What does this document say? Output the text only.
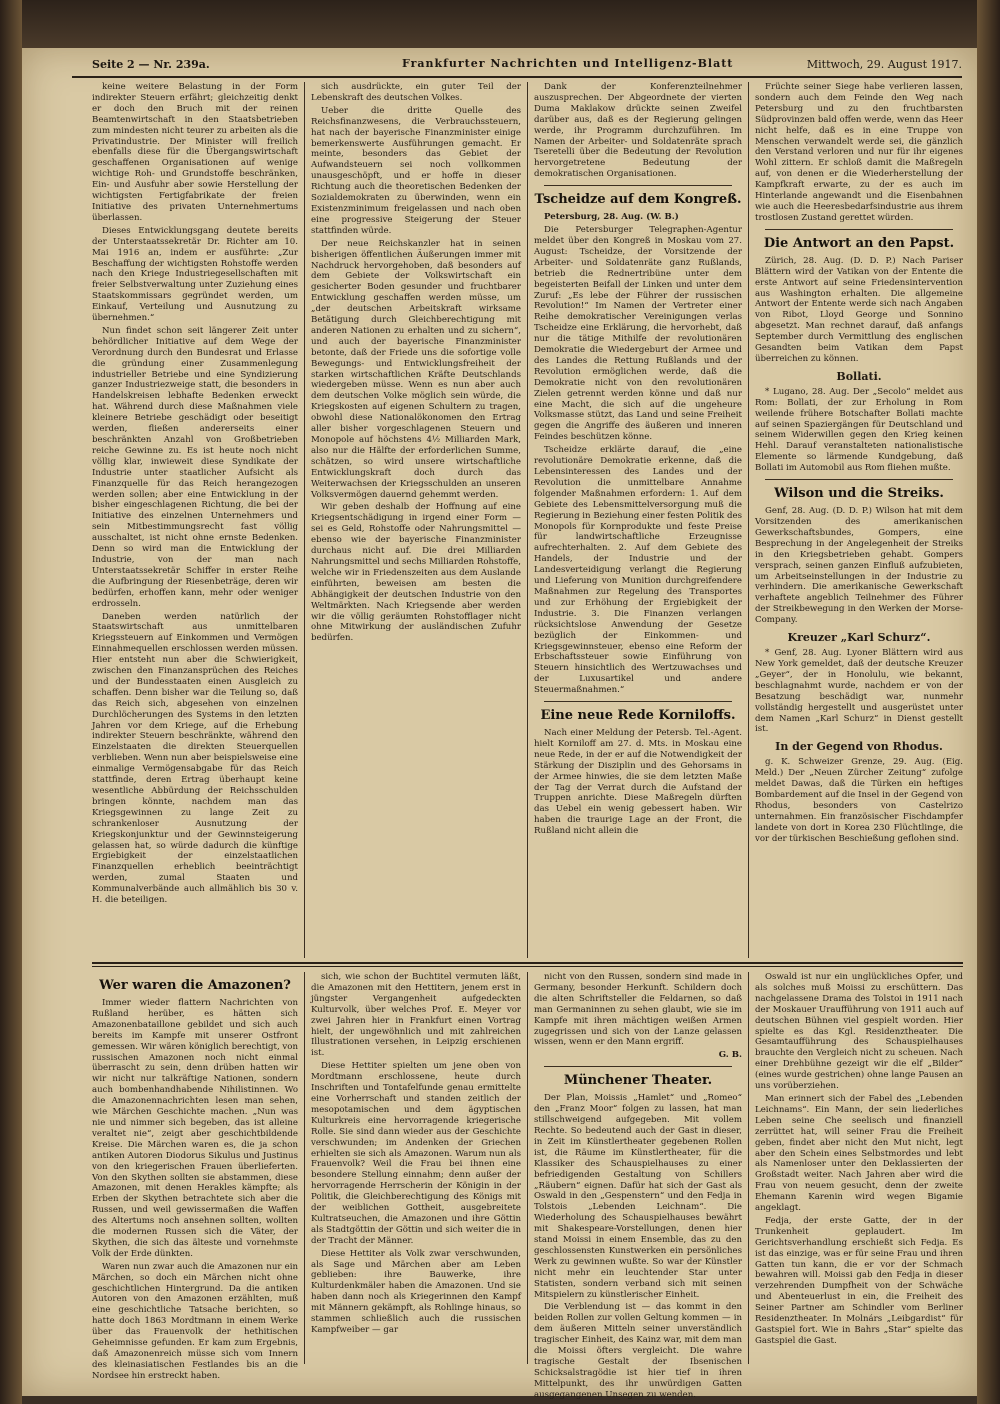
Seite 2 — Nr. 239a.	Frankfurter Nachrichten und Intelligenz-Blatt	Mittwoch, 29. August 1917.

keine weitere Belastung in der Form indirekter Steuern erfährt; gleichzeitig denkt er doch den Bruch mit der reinen Beamtenwirtschaft in den Staatsbetrieben zum mindesten nicht teurer zu arbeiten als die Privatindustrie. Der Minister will freilich ebenfalls diese für die Übergangswirtschaft geschaffenen Organisationen auf wenige wichtige Roh- und Grundstoffe beschränken, Ein- und Ausfuhr aber sowie Herstellung der wichtigsten Fertigfabrikate der freien Initiative des privaten Unternehmertums überlassen.

Dieses Entwicklungsgang deutete bereits der Unterstaatssekretär Dr. Richter am 10. Mai 1916 an, indem er ausführte: „Zur Beschaffung der wichtigsten Rohstoffe werden nach den Kriege Industriegesellschaften mit freier Selbstverwaltung unter Zuziehung eines Staatskommissars gegründet werden, um Einkauf, Verteilung und Ausnutzung zu übernehmen.“

Nun findet schon seit längerer Zeit unter behördlicher Initiative auf dem Wege der Verordnung durch den Bundesrat und Erlasse die gründung einer Zusammenlegung industrieller Betriebe und eine Syndizierung ganzer Industriezweige statt, die besonders in Handelskreisen lebhafte Bedenken erweckt hat. Während durch diese Maßnahmen viele kleinere Betriebe geschädigt oder beseitigt werden, fließen andererseits einer beschränkten Anzahl von Großbetrieben reiche Gewinne zu. Es ist heute noch nicht völlig klar, inwieweit diese Syndikate der Industrie unter staatlicher Aufsicht als Finanzquelle für das Reich herangezogen werden sollen; aber eine Entwicklung in der bisher eingeschlagenen Richtung, die bei der Initiative des einzelnen Unternehmers und sein Mitbestimmungsrecht fast völlig ausschaltet, ist nicht ohne ernste Bedenken. Denn so wird man die Entwicklung der Industrie, von der man nach Unterstaatssekretär Schiffer in erster Reihe die Aufbringung der Riesenbeträge, deren wir bedürfen, erhoffen kann, mehr oder weniger erdrosseln.

Daneben werden natürlich der Staatswirtschaft aus unmittelbaren Kriegssteuern auf Einkommen und Vermögen Einnahmequellen erschlossen werden müssen. Hier entsteht nun aber die Schwierigkeit, zwischen den Finanzansprüchen des Reiches und der Bundesstaaten einen Ausgleich zu schaffen. Denn bisher war die Teilung so, daß das Reich sich, abgesehen von einzelnen Durchlöcherungen des Systems in den letzten Jahren vor dem Kriege, auf die Erhebung indirekter Steuern beschränkte, während den Einzelstaaten die direkten Steuerquellen verblieben. Wenn nun aber beispielsweise eine einmalige Vermögensabgabe für das Reich stattfinde, deren Ertrag überhaupt keine wesentliche Abbürdung der Reichsschulden bringen könnte, nachdem man das Kriegsgewinnen zu lange Zeit zu schrankenloser Ausnutzung der Kriegskonjunktur und der Gewinnsteigerung gelassen hat, so würde dadurch die künftige Ergiebigkeit der einzelstaatlichen Finanzquellen erheblich beeinträchtigt werden, zumal Staaten und Kommunalverbände auch allmählich bis 30 v. H. die beteiligen.

sich ausdrückte, ein guter Teil der Lebenskraft des deutschen Volkes.

Ueber die dritte Quelle des Reichsfinanzwesens, die Verbrauchssteuern, hat nach der bayerische Finanzminister einige bemerkenswerte Ausführungen gemacht. Er meinte, besonders das Gebiet der Aufwandsteuern sei noch vollkommen unausgeschöpft, und er hoffe in dieser Richtung auch die theoretischen Bedenken der Sozialdemokraten zu überwinden, wenn ein Existenzminimum freigelassen und nach oben eine progressive Steigerung der Steuer stattfinden würde.

Der neue Reichskanzler hat in seinen bisherigen öffentlichen Äußerungen immer mit Nachdruck hervorgehoben, daß besonders auf dem Gebiete der Volkswirtschaft ein gesicherter Boden gesunder und fruchtbarer Entwicklung geschaffen werden müsse, um „der deutschen Arbeitskraft wirksame Betätigung durch Gleichberechtigung mit anderen Nationen zu erhalten und zu sichern“, und auch der bayerische Finanzminister betonte, daß der Friede uns die sofortige volle Bewegungs- und Entwicklungsfreiheit der starken wirtschaftlichen Kräfte Deutschlands wiedergeben müsse. Wenn es nun aber auch dem deutschen Volke möglich sein würde, die Kriegskosten auf eigenen Schultern zu tragen, obwohl diese Nationalökonomen den Ertrag aller bisher vorgeschlagenen Steuern und Monopole auf höchstens 4½ Milliarden Mark, also nur die Hälfte der erforderlichen Summe, schätzen, so wird unsere wirtschaftliche Entwicklungskraft doch durch das Weiterwachsen der Kriegsschulden an unseren Volksvermögen dauernd gehemmt werden.

Wir geben deshalb der Hoffnung auf eine Kriegsentschädigung in irgend einer Form — sei es Geld, Rohstoffe oder Nahrungsmittel — ebenso wie der bayerische Finanzminister durchaus nicht auf. Die drei Milliarden Nahrungsmittel und sechs Milliarden Rohstoffe, welche wir in Friedenszeiten aus dem Auslande einführten, beweisen am besten die Abhängigkeit der deutschen Industrie von den Weltmärkten. Nach Kriegsende aber werden wir die völlig geräumten Rohstofflager nicht ohne Mitwirkung der ausländischen Zufuhr bedürfen.

Dank der Konferenzteilnehmer auszusprechen. Der Abgeordnete der vierten Duma Maklakow drückte seinen Zweifel darüber aus, daß es der Regierung gelingen werde, ihr Programm durchzuführen. Im Namen der Arbeiter- und Soldatenräte sprach Tseretelli über die Bedeutung der Revolution hervorgetretene Bedeutung der demokratischen Organisationen.

Tscheidze auf dem Kongreß.

Petersburg, 28. Aug. (W. B.)

Die Petersburger Telegraphen-Agentur meldet über den Kongreß in Moskau vom 27. August: Tscheidze, der Vorsitzende der Arbeiter- und Soldatenräte ganz Rußlands, betrieb die Rednertribüne unter dem begeisterten Beifall der Linken und unter dem Zuruf: „Es lebe der Führer der russischen Revolution!“ Im Namen der Vertreter einer Reihe demokratischer Vereinigungen verlas Tscheidze eine Erklärung, die hervorhebt, daß nur die tätige Mithilfe der revolutionären Demokratie die Wiedergeburt der Armee und des Landes die Rettung Rußlands und der Revolution ermöglichen werde, daß die Demokratie nicht von den revolutionären Zielen getrennt werden könne und daß nur eine Macht, die sich auf die ungeheure Volksmasse stützt, das Land und seine Freiheit gegen die Angriffe des äußeren und inneren Feindes beschützen könne.

Tscheidze erklärte darauf, die „eine revolutionäre Demokratie erkenne, daß die Lebensinteressen des Landes und der Revolution die unmittelbare Annahme folgender Maßnahmen erfordern: 1. Auf dem Gebiete des Lebensmittelversorgung muß die Regierung in Beziehung einer festen Politik des Monopols für Kornprodukte und feste Preise für landwirtschaftliche Erzeugnisse aufrechterhalten. 2. Auf dem Gebiete des Handels, der Industrie und der Landesverteidigung verlangt die Regierung und Lieferung von Munition durchgreifendere Maßnahmen zur Regelung des Transportes und zur Erhöhung der Ergiebigkeit der Industrie. 3. Die Finanzen verlangen rücksichtslose Anwendung der Gesetze bezüglich der Einkommen- und Kriegsgewinnsteuer, ebenso eine Reform der Erbschaftssteuer sowie Einführung von Steuern hinsichtlich des Wertzuwachses und der Luxusartikel und andere Steuermaßnahmen.“

Eine neue Rede Korniloffs.

Nach einer Meldung der Petersb. Tel.-Agent. hielt Korniloff am 27. d. Mts. in Moskau eine neue Rede, in der er auf die Notwendigkeit der Stärkung der Disziplin und des Gehorsams in der Armee hinwies, die sie dem letzten Maße der Tag der Verrat durch die Aufstand der Truppen anrichte. Diese Maßregeln dürften das Uebel ein wenig gebessert haben. Wir haben die traurige Lage an der Front, die Rußland nicht allein die

Früchte seiner Siege habe verlieren lassen, sondern auch dem Feinde den Weg nach Petersburg und zu den fruchtbarsten Südprovinzen bald offen werde, wenn das Heer nicht helfe, daß es in eine Truppe von Menschen verwandelt werde sei, die gänzlich den Verstand verloren und nur für ihr eigenes Wohl zittern. Er schloß damit die Maßregeln auf, von denen er die Wiederherstellung der Kampfkraft erwarte, zu der es auch im Hinterlande angewandt und die Eisenbahnen wie auch die Heeresbedarfsindustrie aus ihrem trostlosen Zustand gerettet würden.

Die Antwort an den Papst.

Zürich, 28. Aug. (D. D. P.) Nach Pariser Blättern wird der Vatikan von der Entente die erste Antwort auf seine Friedensintervention aus Washington erhalten. Die allgemeine Antwort der Entente werde sich nach Angaben von Ribot, Lloyd George und Sonnino abgesetzt. Man rechnet darauf, daß anfangs September durch Vermittlung des englischen Gesandten beim Vatikan dem Papst überreichen zu können.

Bollati.

* Lugano, 28. Aug. Der „Secolo“ meldet aus Rom: Bollati, der zur Erholung in Rom weilende frühere Botschafter Bollati machte auf seinen Spaziergängen für Deutschland und seinem Widerwillen gegen den Krieg keinen Hehl. Darauf veranstalteten nationalistische Elemente so lärmende Kundgebung, daß Bollati im Automobil aus Rom fliehen mußte.

Wilson und die Streiks.

Genf, 28. Aug. (D. D. P.) Wilson hat mit dem Vorsitzenden des amerikanischen Gewerkschaftsbundes, Gompers, eine Besprechung in der Angelegenheit der Streiks in den Kriegsbetrieben gehabt. Gompers versprach, seinen ganzen Einfluß aufzubieten, um Arbeitseinstellungen in der Industrie zu verhindern. Die amerikanische Gewerkschaft verhaftete angeblich Teilnehmer des Führer der Streikbewegung in den Werken der Morse-Company.

Kreuzer „Karl Schurz“.

* Genf, 28. Aug. Lyoner Blättern wird aus New York gemeldet, daß der deutsche Kreuzer „Geyer“, der in Honolulu, wie bekannt, beschlagnahmt wurde, nachdem er von der Besatzung beschädigt war, nunmehr vollständig hergestellt und ausgerüstet unter dem Namen „Karl Schurz“ in Dienst gestellt ist.

In der Gegend von Rhodus.

g. K. Schweizer Grenze, 29. Aug. (Eig. Meld.) Der „Neuen Zürcher Zeitung“ zufolge meldet Dawas, daß die Türken ein heftiges Bombardement auf die Insel in der Gegend von Rhodus, besonders von Castelrizo unternahmen. Ein französischer Fischdampfer landete von dort in Korea 230 Flüchtlinge, die vor der türkischen Beschießung geflohen sind.

Wer waren die Amazonen?

Immer wieder flattern Nachrichten von Rußland herüber, es hätten sich Amazonenbataillone gebildet und sich auch bereits im Kampfe mit unserer Ostfront gemessen. Wir wären königlich berechtigt, von russischen Amazonen noch nicht einmal überrascht zu sein, denn drüben hatten wir wir nicht nur talkräftige Nationen, sondern auch bombenhandhabende Nihilistinnen. Wo die Amazonennachrichten lesen man sehen, wie Märchen Geschichte machen. „Nun was nie und nimmer sich begeben, das ist alleine veraltet nie“, zeigt aber geschichtbildende Kreise. Die Märchen waren es, die ja schon antiken Autoren Diodorus Sikulus und Justinus von den kriegerischen Frauen überlieferten. Von den Skythen sollten sie abstammen, diese Amazonen, mit denen Herakles kämpfte; als Erben der Skythen betrachtete sich aber die Russen, und weil gewissermaßen die Waffen des Altertums noch ansehnen sollten, wollten die modernen Russen sich die Väter, der Skythen, die sich das älteste und vornehmste Volk der Erde dünkten.

Waren nun zwar auch die Amazonen nur ein Märchen, so doch ein Märchen nicht ohne geschichtlichen Hintergrund. Da die antiken Autoren von den Amazonen erzählten, muß eine geschichtliche Tatsache berichten, so hatte doch 1863 Mordtmann in einem Werke über das Frauenvolk der hethitischen Geheimnisse gefunden. Er kam zum Ergebnis, daß Amazonenreich müsse sich vom Innern des kleinasiatischen Festlandes bis an die Nordsee hin erstreckt haben.

sich, wie schon der Buchtitel vermuten läßt, die Amazonen mit den Hettitern, jenem erst in jüngster Vergangenheit aufgedeckten Kulturvolk, über welches Prof. E. Meyer vor zwei Jahren hier in Frankfurt einen Vortrag hielt, der ungewöhnlich und mit zahlreichen Illustrationen versehen, in Leipzig erschienen ist.

Diese Hettiter spielten um jene oben von Mordtmann erschlossene, heute durch Inschriften und Tontafelfunde genau ermittelte eine Vorherrschaft und standen zeitlich der mesopotamischen und dem ägyptischen Kulturkreis eine hervorragende kriegerische Rolle. Sie sind dann wieder aus der Geschichte verschwunden; im Andenken der Griechen erhielten sie sich als Amazonen. Warum nun als Frauenvolk? Weil die Frau bei ihnen eine besondere Stellung einnahm; denn außer der hervorragende Herrscherin der Königin in der Politik, die Gleichberechtigung des Königs mit der weiblichen Gottheit, ausgebreitete Kultratseuchen, die Amazonen und ihre Göttin als Stadtgöttin der Göttin und sich weiter die in der Tracht der Männer.

Diese Hettiter als Volk zwar verschwunden, als Sage und Märchen aber am Leben geblieben: ihre Bauwerke, ihre Kulturdenkmäler haben die Amazonen. Und sie haben dann noch als Kriegerinnen den Kampf mit Männern gekämpft, als Rohlinge hinaus, so stammen schließlich auch die russischen Kampfweiber — gar

nicht von den Russen, sondern sind made in Germany, besonder Herkunft. Schildern doch die alten Schriftsteller die Feldarnen, so daß man Germaninnen zu sehen glaubt, wie sie im Kampfe mit ihren mächtigen weißen Armen zugegrissen und sich von der Lanze gelassen wissen, wenn er den Mann ergriff.

G. B.

Münchener Theater.

Der Plan, Moissis „Hamlet“ und „Romeo“ den „Franz Moor“ folgen zu lassen, hat man stillschweigend aufgegeben. Mit vollem Rechte. So bedeutend auch der Gast in dieser, in Zeit im Künstlertheater gegebenen Rollen ist, die Räume im Künstlertheater, für die Klassiker des Schauspielhauses zu einer befriedigenden Gestaltung von Schillers „Räubern“ eignen. Dafür hat sich der Gast als Oswald in den „Gespenstern“ und den Fedja in Tolstois „Lebenden Leichnam“. Die Wiederholung des Schauspielhauses bewährt mit Shakespeare-Vorstellungen, denen hier stand Moissi in einem Ensemble, das zu den geschlossensten Kunstwerken ein persönliches Werk zu gewinnen wußte. So war der Künstler nicht mehr ein leuchtender Star unter Statisten, sondern verband sich mit seinen Mitspielern zu künstlerischer Einheit.

Die Verblendung ist — das kommt in den beiden Rollen zur vollen Geltung kommen — in dem äußeren Mitteln seiner unverständlich tragischer Einheit, des Kainz war, mit dem man die Moissi öfters vergleicht. Die wahre tragische Gestalt der Ibsenischen Schicksalstragödie ist hier tief in ihren Mittelpunkt, des ihr unwürdigen Gatten ausgegangenen Unsegen zu wenden.

Oswald ist nur ein unglückliches Opfer, und als solches muß Moissi zu erschüttern. Das nachgelassene Drama des Tolstoi in 1911 nach der Moskauer Uraufführung von 1911 auch auf deutschen Bühnen viel gespielt worden. Hier spielte es das Kgl. Residenztheater. Die Gesamtaufführung des Schauspielhauses brauchte den Vergleich nicht zu scheuen. Nach einer Drehbühne gezeigt wir die elf „Bilder“ (eines wurde gestrichen) ohne lange Pausen an uns vorüberziehen.

Man erinnert sich der Fabel des „Lebenden Leichnams“. Ein Mann, der sein liederliches Leben seine Che seelisch und finanziell zerrüttet hat, will seiner Frau die Freiheit geben, findet aber nicht den Mut nicht, legt aber den Schein eines Selbstmordes und lebt als Namenloser unter den Deklassierten der Großstadt weiter. Nach Jahren aber wird die Frau von neuem gesucht, denn der zweite Ehemann Karenin wird wegen Bigamie angeklagt.

Fedja, der erste Gatte, der in der Trunkenheit geplaudert. Im Gerichtsverhandlung erschießt sich Fedja. Es ist das einzige, was er für seine Frau und ihren Gatten tun kann, die er vor der Schmach bewahren will. Moissi gab den Fedja in dieser verzehrenden Dumpfheit von der Schwäche und Abenteuerlust in ein, die Freiheit des Seiner Partner am Schindler vom Berliner Residenztheater. In Molnárs „Leibgardist“ für Gastspiel fort. Wie in Bahrs „Star“ spielte das Gastspiel die Gast.
